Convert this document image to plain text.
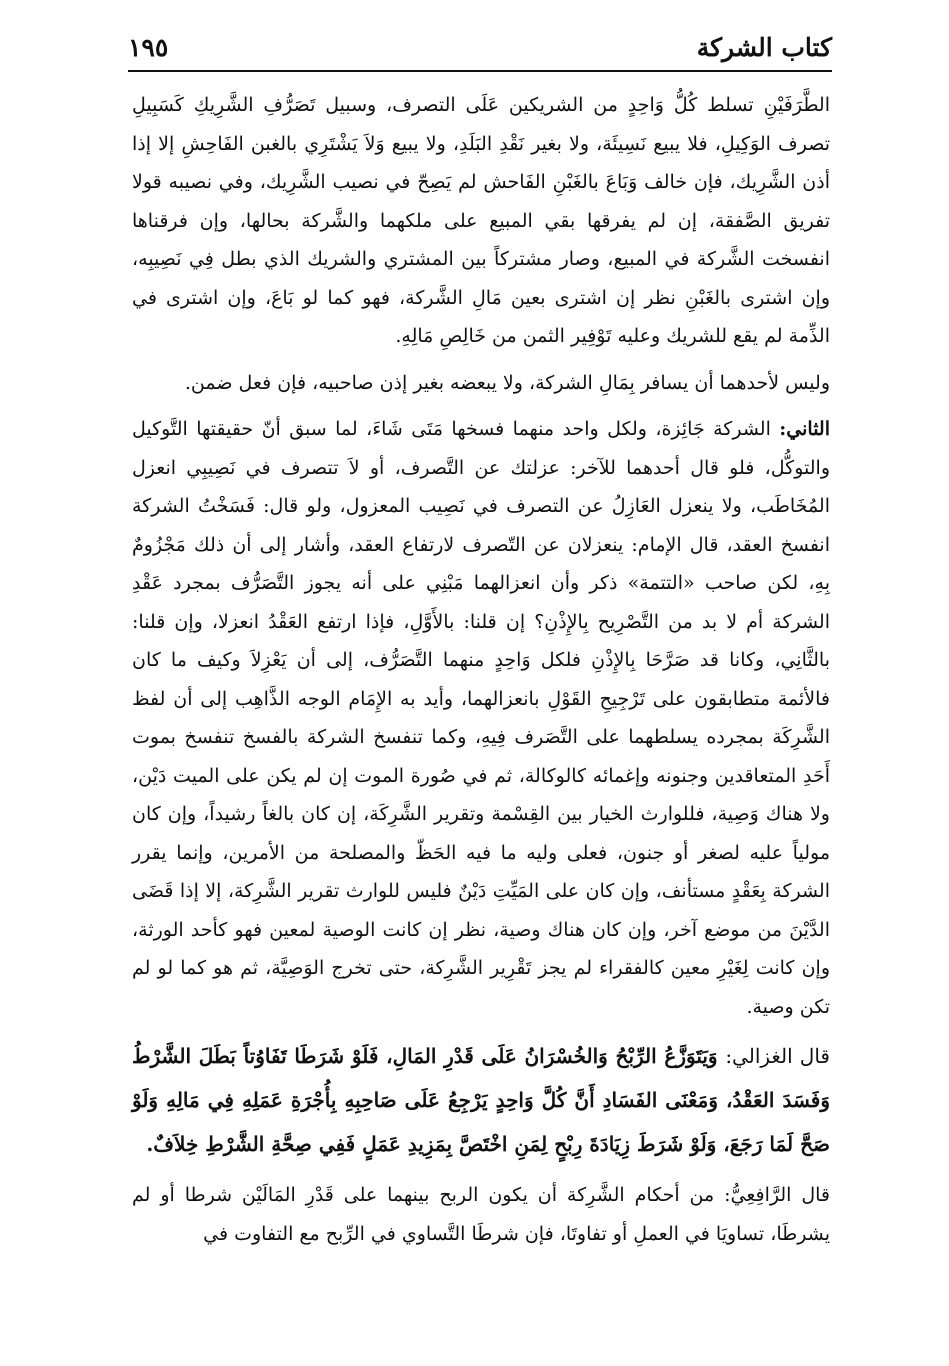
كتاب الشركة
١٩٥

الطَّرَفَيْنِ تسلط كُلُّ وَاحِدٍ من الشريكين عَلَى التصرف، وسبيل تَصَرُّفِ الشَّرِيكِ كَسَبِيلِ تصرف الوَكِيلِ، فلا يبيع نَسِيئَة، ولا بغير نَقْدِ البَلَدِ، ولا يبيع وَلاَ يَشْتَرِي بالغبن الفَاحِشِ إلا إذا أذن الشَّرِيك، فإن خالف وَبَاعَ بالغَبْنِ الفَاحش لم يَصِحّ في نصيب الشَّرِيك، وفي نصيبه قولا تفريق الصَّفقة، إن لم يفرقها بقي المبيع على ملكهما والشَّركة بحالها، وإن فرقناها انفسخت الشَّركة في المبيع، وصار مشتركاً بين المشتري والشريك الذي بطل فِي نَصِيبِه، وإن اشترى بالغَبْنِ نظر إن اشترى بعين مَالِ الشَّركة، فهو كما لو بَاعَ، وإن اشترى في الذِّمة لم يقع للشريك وعليه تَوْفِير الثمن من خَالِصِ مَالِهِ.

وليس لأحدهما أن يسافر بِمَالِ الشركة، ولا يبعضه بغير إذن صاحبيه، فإن فعل ضمن.

الثاني: الشركة جَائِزة، ولكل واحد منهما فسخها مَتَى شَاءَ، لما سبق أنّ حقيقتها التَّوكيل والتوكُّل، فلو قال أحدهما للآخر: عزلتك عن التَّصرف، أو لاَ تتصرف في نَصِيبِي انعزل المُخَاطَب، ولا ينعزل العَازِلُ عن التصرف في نَصِيب المعزول، ولو قال: فَسَخْتُ الشركة انفسخ العقد، قال الإمام: ينعزلان عن التّصرف لارتفاع العقد، وأشار إلى أن ذلك مَجْزُومٌ بِهِ، لكن صاحب «التتمة» ذكر وأن انعزالهما مَبْنِي على أنه يجوز التَّصَرُّف بمجرد عَقْدِ الشركة أم لا بد من التَّصْرِيح بِالإِذْنِ؟ إن قلنا: بالأَوَّلِ، فإذا ارتفع العَقْدُ انعزلا، وإن قلنا: بالثَّانِي، وكانا قد صَرَّحَا بِالإِذْنِ فلكل وَاحِدٍ منهما التَّصَرُّف، إلى أن يَعْزِلاَ وكيف ما كان فالأئمة متطابقون على تَرْجِيحِ القَوْلِ بانعزالهما، وأيد به الإِمَام الوجه الذَّاهِب إلى أن لفظ الشَّرِكَة بمجرده يسلطهما على التَّصَرف فِيهِ، وكما تنفسخ الشركة بالفسخ تنفسخ بموت أَحَدِ المتعاقدين وجنونه وإغمائه كالوكالة، ثم في صُورة الموت إن لم يكن على الميت دَيْن، ولا هناك وَصِية، فللوارث الخيار بين القِسْمة وتقرير الشَّرِكَة، إن كان بالغاً رشيداً، وإن كان مولياً عليه لصغر أو جنون، فعلى وليه ما فيه الحَظّ والمصلحة من الأمرين، وإنما يقرر الشركة بِعَقْدٍ مستأنف، وإن كان على المَيِّتِ دَيْنٌ فليس للوارث تقرير الشَّرِكة، إلا إذا قَضَى الدَّيْنَ من موضع آخر، وإن كان هناك وصية، نظر إن كانت الوصية لمعين فهو كأحد الورثة، وإن كانت لِغَيْرِ معين كالفقراء لم يجز تَقْرِير الشَّرِكة، حتى تخرج الوَصِيَّة، ثم هو كما لو لم تكن وصية.

قال الغزالي: وَيَتَوَزَّعُ الرِّبْحُ وَالخُسْرَانُ عَلَى قَدْرِ المَالِ، فَلَوْ شَرَطَا تَفَاوُتاً بَطَلَ الشَّرْطُ وَفَسَدَ العَقْدُ، وَمَعْنَى الفَسَادِ أَنَّ كُلَّ وَاحِدٍ يَرْجِعُ عَلَى صَاحِبِهِ بِأُجْرَةِ عَمَلِهِ فِي مَالِهِ وَلَوْ صَحَّ لَمَا رَجَعَ، وَلَوْ شَرَطَ زِيَادَةَ رِبْحٍ لِمَنِ اخْتَصَّ بِمَزِيدِ عَمَلٍ فَفِي صِحَّةِ الشَّرْطِ خِلاَفٌ.

قال الرَّافِعِيُّ: من أحكام الشَّرِكة أن يكون الربح بينهما على قَدْرِ المَالَيْن شرطا أو لم يشرطَا، تساويَا في العملِ أو تفاوتَا، فإن شرطَا التَّساوي في الرِّبح مع التفاوت في
